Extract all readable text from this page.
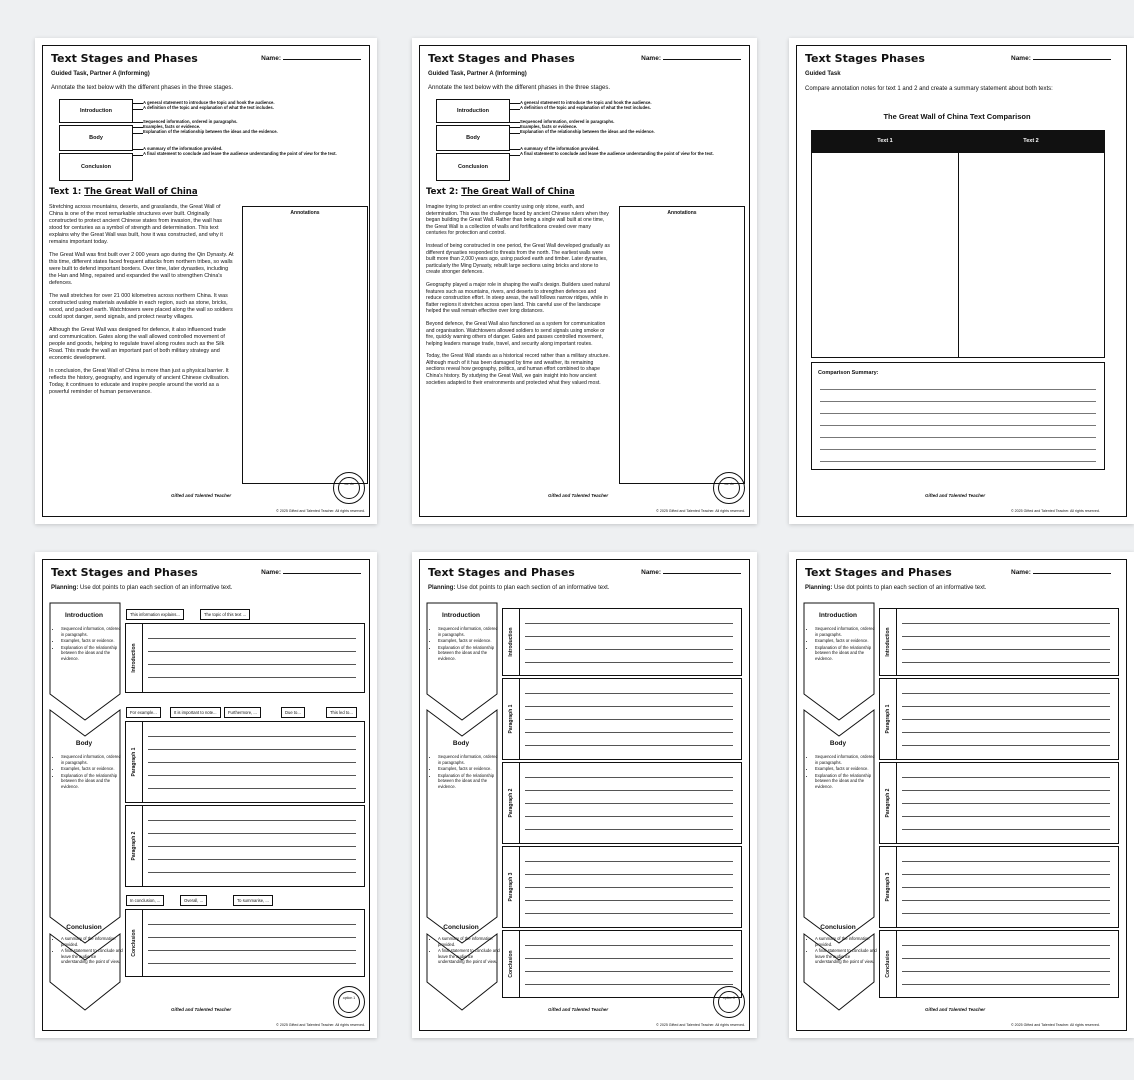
Text Stages and Phases	Name:
Guided Task, Partner A (Informing)
Annotate the text below with the different phases in the three stages.
Introduction
Body
Conclusion
A general statement to introduce the topic and hook the audience.
A definition of the topic and explanation of what the text includes.
Sequenced information, ordered in paragraphs.
Examples, facts or evidence.
Explanation of the relationship between the ideas and the evidence.
A summary of the information provided.
A final statement to conclude and leave the audience understanding the point of view for the text.
Text 1: The Great Wall of China

Stretching across mountains, deserts, and grasslands, the Great Wall of China is one of the most remarkable structures ever built. Originally constructed to protect ancient Chinese states from invasion, the wall has stood for centuries as a symbol of strength and determination. This text explains why the Great Wall was built, how it was constructed, and why it remains important today.

The Great Wall was first built over 2 000 years ago during the Qin Dynasty. At this time, different states faced frequent attacks from northern tribes, so walls were built to defend important borders. Over time, later dynasties, including the Han and Ming, repaired and expanded the wall to strengthen China's defences.

The wall stretches for over 21 000 kilometres across northern China. It was constructed using materials available in each region, such as stone, bricks, wood, and packed earth. Watchtowers were placed along the wall so soldiers could spot danger, send signals, and protect nearby villages.

Although the Great Wall was designed for defence, it also influenced trade and communication. Gates along the wall allowed controlled movement of people and goods, helping to regulate travel along routes such as the Silk Road. This made the wall an important part of both military strategy and economic development.

In conclusion, the Great Wall of China is more than just a physical barrier. It reflects the history, geography, and ingenuity of ancient Chinese civilisation. Today, it continues to educate and inspire people around the world as a powerful reminder of human perseverance.

Annotations
we do
Gifted and Talented Teacher
© 2025 Gifted and Talented Teacher. All rights reserved.
Text Stages and Phases	Name:
Guided Task, Partner A (Informing)
Annotate the text below with the different phases in the three stages.
Introduction
Body
Conclusion
A general statement to introduce the topic and hook the audience.
A definition of the topic and explanation of what the text includes.
Sequenced information, ordered in paragraphs.
Examples, facts or evidence.
Explanation of the relationship between the ideas and the evidence.
A summary of the information provided.
A final statement to conclude and leave the audience understanding the point of view for the text.
Text 2: The Great Wall of China

Imagine trying to protect an entire country using only stone, earth, and determination. This was the challenge faced by ancient Chinese rulers when they began building the Great Wall. Rather than being a single wall built at one time, the Great Wall is a collection of walls and fortifications created over many centuries for protection and control.

Instead of being constructed in one period, the Great Wall developed gradually as different dynasties responded to threats from the north. The earliest walls were built more than 2,000 years ago, using packed earth and timber. Later dynasties, particularly the Ming Dynasty, rebuilt large sections using bricks and stone to create stronger defences.

Geography played a major role in shaping the wall's design. Builders used natural features such as mountains, rivers, and deserts to strengthen defences and reduce construction effort. In steep areas, the wall follows narrow ridges, while in flatter regions it stretches across open land. This careful use of the landscape helped the wall remain effective over long distances.

Beyond defence, the Great Wall also functioned as a system for communication and organisation. Watchtowers allowed soldiers to send signals using smoke or fire, quickly warning others of danger. Gates and passes controlled movement, helping leaders manage trade, travel, and security along important routes.

Today, the Great Wall stands as a historical record rather than a military structure. Although much of it has been damaged by time and weather, its remaining sections reveal how geography, politics, and human effort combined to shape China's history. By studying the Great Wall, we gain insight into how ancient societies adapted to their environments and protected what they valued most.

Annotations
we do
Gifted and Talented Teacher
© 2025 Gifted and Talented Teacher. All rights reserved.
Text Stages Phases	Name:
Guided Task
Compare annotation notes for text 1 and 2 and create a summary statement about both texts:
The Great Wall of China Text Comparison
Text 1	Text 2
Comparison Summary:
Gifted and Talented Teacher
© 2025 Gifted and Talented Teacher. All rights reserved.
Text Stages and Phases	Name:
Planning: Use dot points to plan each section of an informative text.
Introduction
• Sequenced information, ordered in paragraphs.
• Examples, facts or evidence.
• Explanation of the relationship between the ideas and the evidence.
Body
• Sequenced information, ordered in paragraphs.
• Examples, facts or evidence.
• Explanation of the relationship between the ideas and the evidence.
Conclusion
• A summary of the information provided.
• A final statement to conclude and leave the audience understanding the point of view.
This information explains...	The topic of this text ...
Introduction
For example...	It is important to note...	Furthermore, ...	Due to...	This led to...
Paragraph 1
Paragraph 2
In conclusion, ...	Overall, ...	To summarise, ...
Conclusion
option 1
Gifted and Talented Teacher
© 2025 Gifted and Talented Teacher. All rights reserved.
Text Stages and Phases	Name:
Planning: Use dot points to plan each section of an informative text.
Introduction
• Sequenced information, ordered in paragraphs.
• Examples, facts or evidence.
• Explanation of the relationship between the ideas and the evidence.
Body
• Sequenced information, ordered in paragraphs.
• Examples, facts or evidence.
• Explanation of the relationship between the ideas and the evidence.
Conclusion
• A summary of the information provided.
• A final statement to conclude and leave the audience understanding the point of view.
Introduction
Paragraph 1
Paragraph 2
Paragraph 3
Conclusion
option 2
Gifted and Talented Teacher
© 2025 Gifted and Talented Teacher. All rights reserved.
Text Stages and Phases	Name:
Planning: Use dot points to plan each section of an informative text.
Introduction
• Sequenced information, ordered in paragraphs.
• Examples, facts or evidence.
• Explanation of the relationship between the ideas and the evidence.
Body
• Sequenced information, ordered in paragraphs.
• Examples, facts or evidence.
• Explanation of the relationship between the ideas and the evidence.
Conclusion
• A summary of the information provided.
• A final statement to conclude and leave the audience understanding the point of view.
Introduction
Paragraph 1
Paragraph 2
Paragraph 3
Conclusion
Gifted and Talented Teacher
© 2025 Gifted and Talented Teacher. All rights reserved.
